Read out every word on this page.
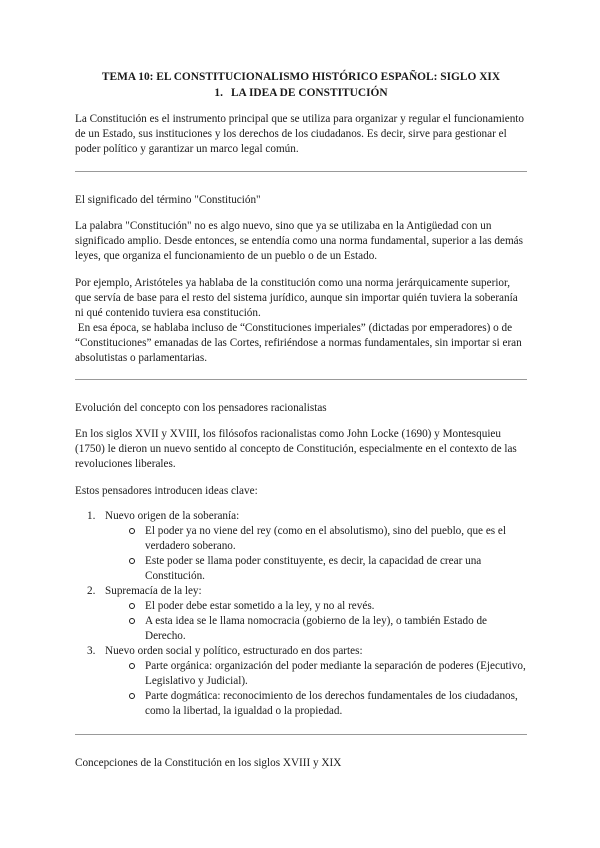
TEMA 10: EL CONSTITUCIONALISMO HISTÓRICO ESPAÑOL: SIGLO XIX
1. LA IDEA DE CONSTITUCIÓN

La Constitución es el instrumento principal que se utiliza para organizar y regular el funcionamiento de un Estado, sus instituciones y los derechos de los ciudadanos. Es decir, sirve para gestionar el poder político y garantizar un marco legal común.

El significado del término "Constitución"

La palabra "Constitución" no es algo nuevo, sino que ya se utilizaba en la Antigüedad con un significado amplio. Desde entonces, se entendía como una norma fundamental, superior a las demás leyes, que organiza el funcionamiento de un pueblo o de un Estado.

Por ejemplo, Aristóteles ya hablaba de la constitución como una norma jerárquicamente superior, que servía de base para el resto del sistema jurídico, aunque sin importar quién tuviera la soberanía ni qué contenido tuviera esa constitución.

En esa época, se hablaba incluso de “Constituciones imperiales” (dictadas por emperadores) o de “Constituciones” emanadas de las Cortes, refiriéndose a normas fundamentales, sin importar si eran absolutistas o parlamentarias.

Evolución del concepto con los pensadores racionalistas

En los siglos XVII y XVIII, los filósofos racionalistas como John Locke (1690) y Montesquieu (1750) le dieron un nuevo sentido al concepto de Constitución, especialmente en el contexto de las revoluciones liberales.

Estos pensadores introducen ideas clave:

1. Nuevo origen de la soberanía:
El poder ya no viene del rey (como en el absolutismo), sino del pueblo, que es el verdadero soberano.
Este poder se llama poder constituyente, es decir, la capacidad de crear una Constitución.
2. Supremacía de la ley:
El poder debe estar sometido a la ley, y no al revés.
A esta idea se le llama nomocracia (gobierno de la ley), o también Estado de Derecho.
3. Nuevo orden social y político, estructurado en dos partes:
Parte orgánica: organización del poder mediante la separación de poderes (Ejecutivo, Legislativo y Judicial).
Parte dogmática: reconocimiento de los derechos fundamentales de los ciudadanos, como la libertad, la igualdad o la propiedad.

Concepciones de la Constitución en los siglos XVIII y XIX
